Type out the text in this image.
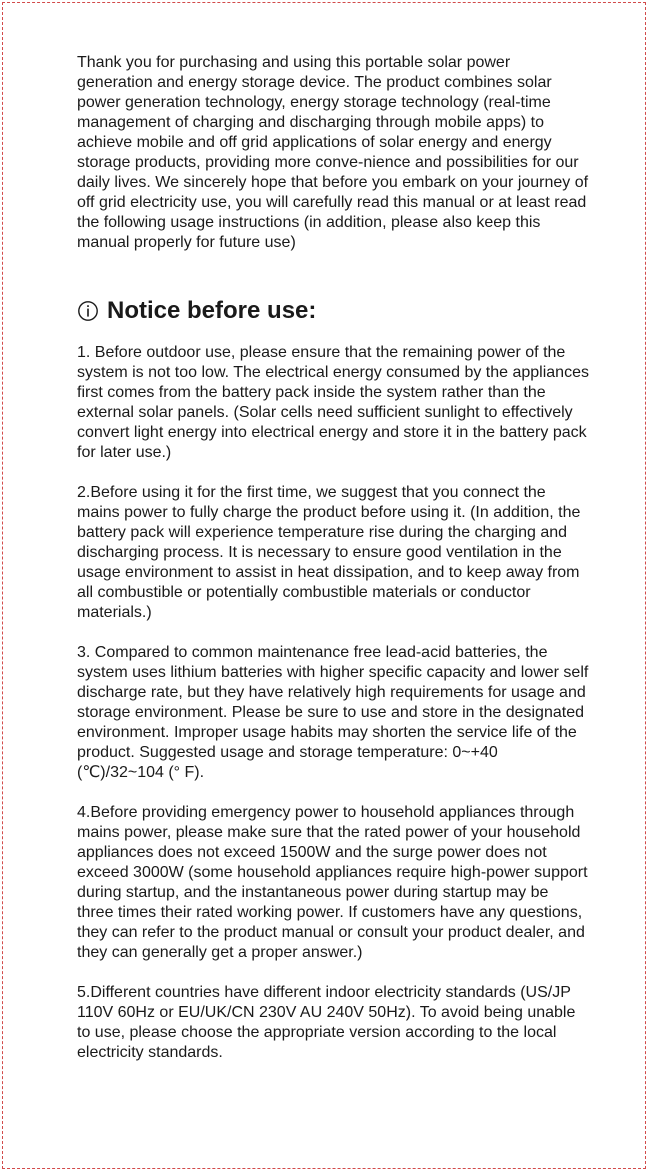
Thank you for purchasing and using this portable solar power generation and energy storage device. The product combines solar power generation technology, energy storage technology (real-time management of charging and discharging through mobile apps) to achieve mobile and off grid applications of solar energy and energy storage products, providing more conve-nience and possibilities for our daily lives. We sincerely hope that before you embark on your journey of off grid electricity use, you will carefully read this manual or at least read the following usage instructions (in addition, please also keep this manual properly for future use)

Notice before use:

1. Before outdoor use, please ensure that the remaining power of the system is not too low. The electrical energy consumed by the appliances first comes from the battery pack inside the system rather than the external solar panels. (Solar cells need sufficient sunlight to effectively convert light energy into electrical energy and store it in the battery pack for later use.)

2.Before using it for the first time, we suggest that you connect the mains power to fully charge the product before using it. (In addition, the battery pack will experience temperature rise during the charging and discharging process. It is necessary to ensure good ventilation in the usage environment to assist in heat dissipation, and to keep away from all combustible or potentially combustible materials or conductor materials.)

3. Compared to common maintenance free lead-acid batteries, the system uses lithium batteries with higher specific capacity and lower self discharge rate, but they have relatively high requirements for usage and storage environment. Please be sure to use and store in the designated environment. Improper usage habits may shorten the service life of the product. Suggested usage and storage temperature: 0~+40 (℃)/32~104 (° F).

4.Before providing emergency power to household appliances through mains power, please make sure that the rated power of your household appliances does not exceed 1500W and the surge power does not exceed 3000W (some household appliances require high-power support during startup, and the instantaneous power during startup may be three times their rated working power. If customers have any questions, they can refer to the product manual or consult your product dealer, and they can generally get a proper answer.)

5.Different countries have different indoor electricity standards (US/JP 110V 60Hz or EU/UK/CN 230V AU 240V 50Hz). To avoid being unable to use, please choose the appropriate version according to the local electricity standards.
